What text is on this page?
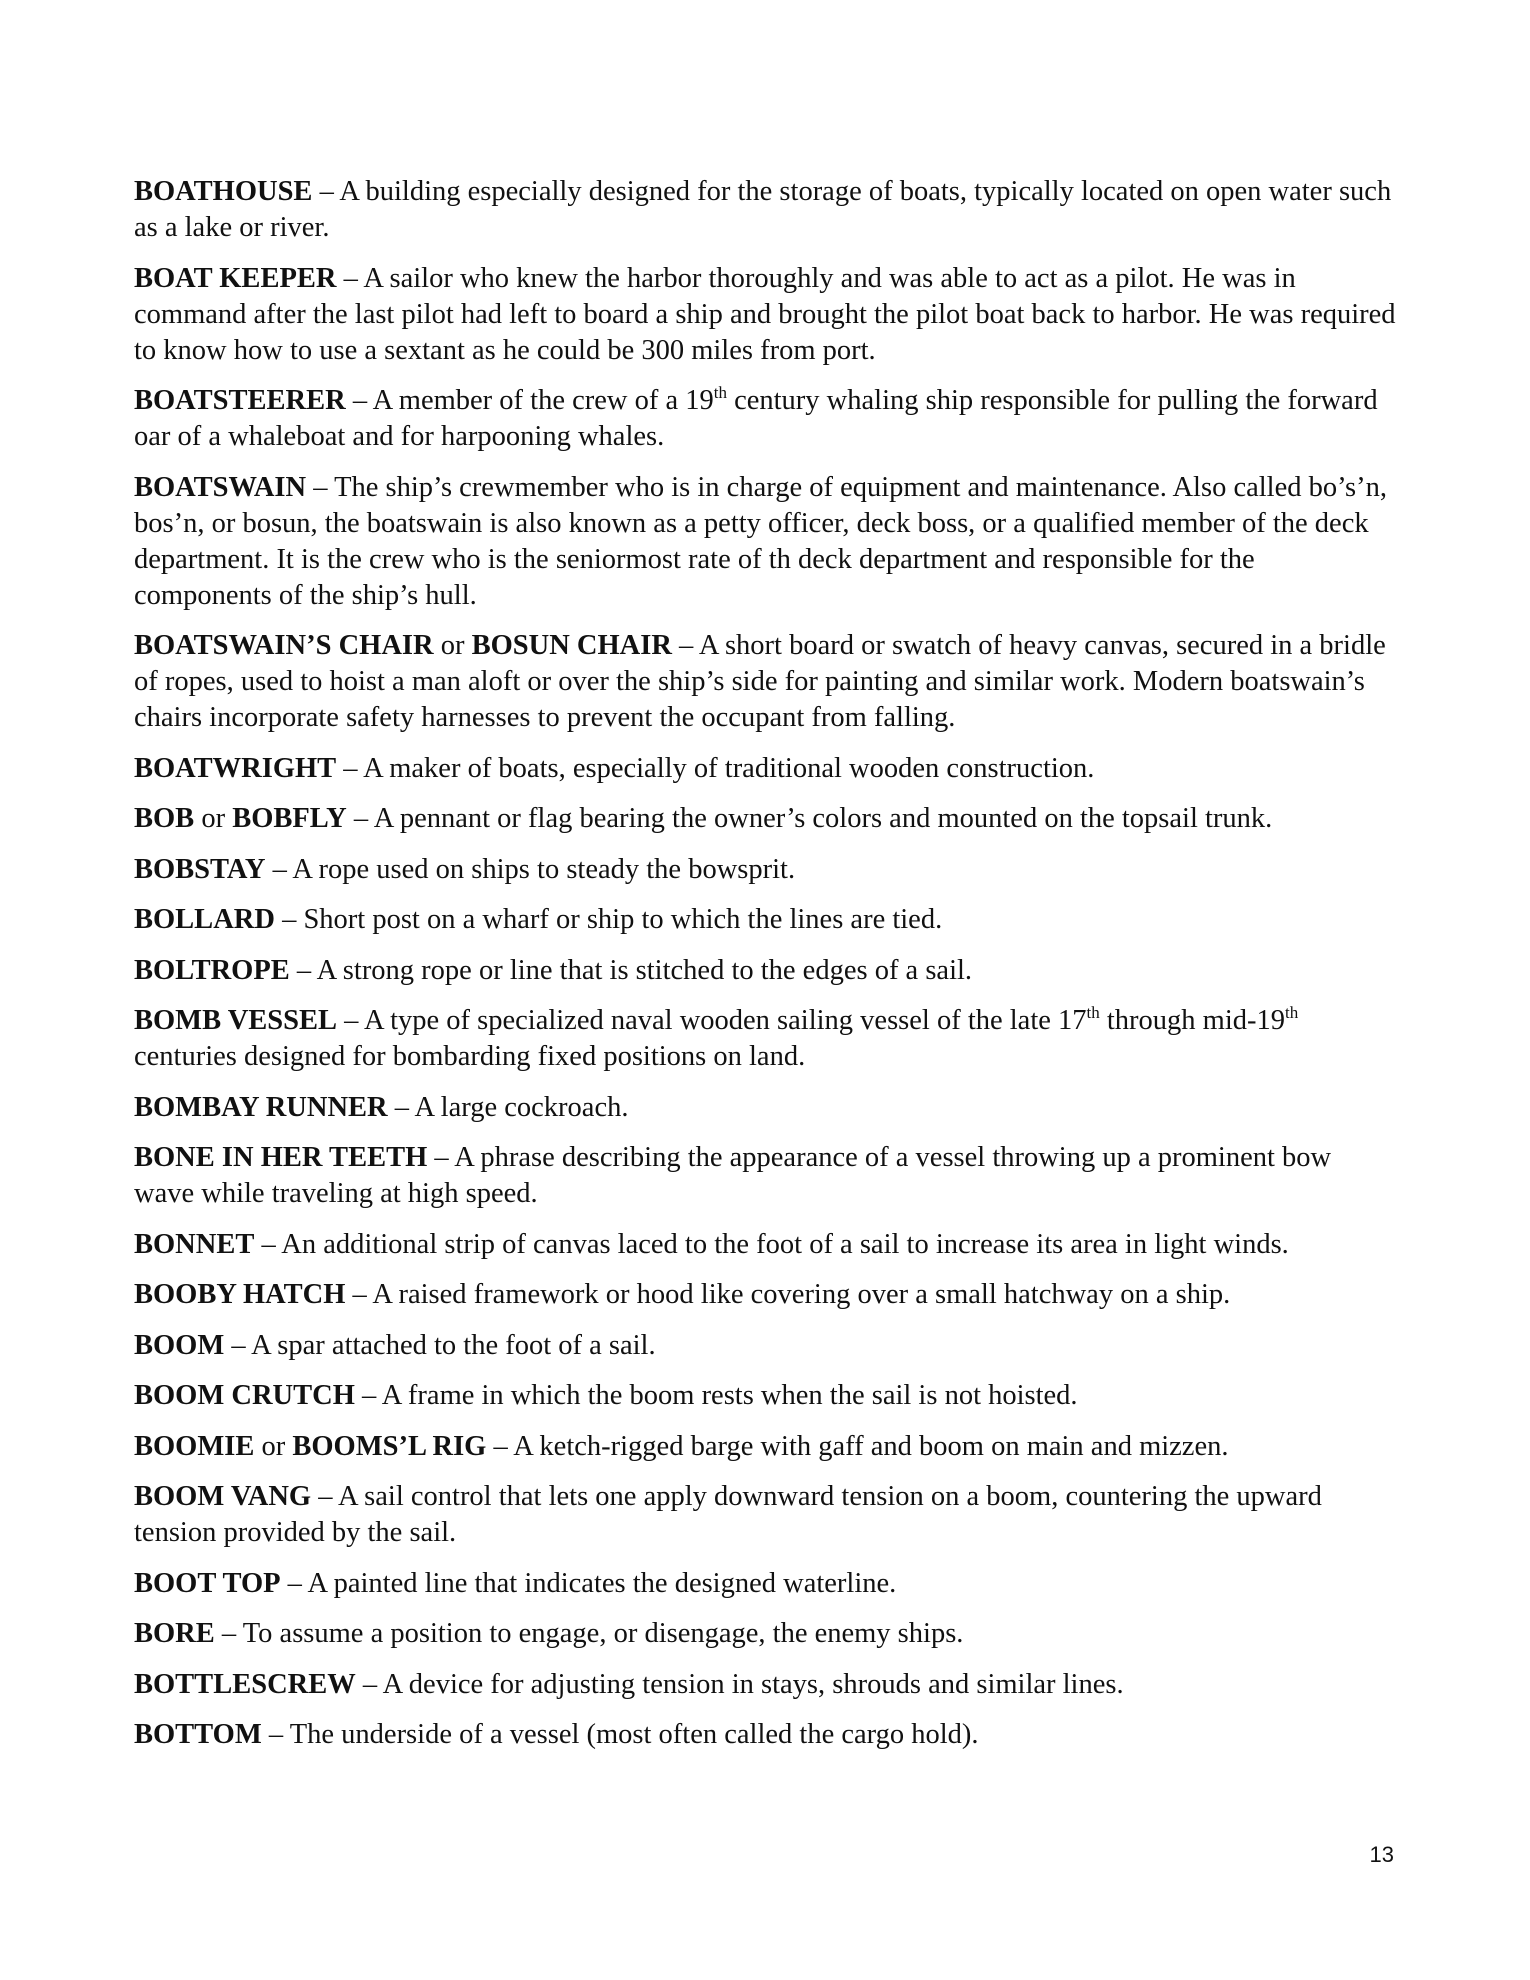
BOATHOUSE – A building especially designed for the storage of boats, typically located on open water such as a lake or river.

BOAT KEEPER – A sailor who knew the harbor thoroughly and was able to act as a pilot. He was in command after the last pilot had left to board a ship and brought the pilot boat back to harbor. He was required to know how to use a sextant as he could be 300 miles from port.

BOATSTEERER – A member of the crew of a 19th century whaling ship responsible for pulling the forward oar of a whaleboat and for harpooning whales.

BOATSWAIN – The ship’s crewmember who is in charge of equipment and maintenance. Also called bo’s’n, bos’n, or bosun, the boatswain is also known as a petty officer, deck boss, or a qualified member of the deck department. It is the crew who is the seniormost rate of th deck department and responsible for the components of the ship’s hull.

BOATSWAIN’S CHAIR or BOSUN CHAIR – A short board or swatch of heavy canvas, secured in a bridle of ropes, used to hoist a man aloft or over the ship’s side for painting and similar work. Modern boatswain’s chairs incorporate safety harnesses to prevent the occupant from falling.

BOATWRIGHT – A maker of boats, especially of traditional wooden construction.

BOB or BOBFLY – A pennant or flag bearing the owner’s colors and mounted on the topsail trunk.

BOBSTAY – A rope used on ships to steady the bowsprit.

BOLLARD – Short post on a wharf or ship to which the lines are tied.

BOLTROPE – A strong rope or line that is stitched to the edges of a sail.

BOMB VESSEL – A type of specialized naval wooden sailing vessel of the late 17th through mid-19th centuries designed for bombarding fixed positions on land.

BOMBAY RUNNER – A large cockroach.

BONE IN HER TEETH – A phrase describing the appearance of a vessel throwing up a prominent bow wave while traveling at high speed.

BONNET – An additional strip of canvas laced to the foot of a sail to increase its area in light winds.

BOOBY HATCH – A raised framework or hood like covering over a small hatchway on a ship.

BOOM – A spar attached to the foot of a sail.

BOOM CRUTCH – A frame in which the boom rests when the sail is not hoisted.

BOOMIE or BOOMS’L RIG – A ketch-rigged barge with gaff and boom on main and mizzen.

BOOM VANG – A sail control that lets one apply downward tension on a boom, countering the upward tension provided by the sail.

BOOT TOP – A painted line that indicates the designed waterline.

BORE – To assume a position to engage, or disengage, the enemy ships.

BOTTLESCREW – A device for adjusting tension in stays, shrouds and similar lines.

BOTTOM – The underside of a vessel (most often called the cargo hold).

13
